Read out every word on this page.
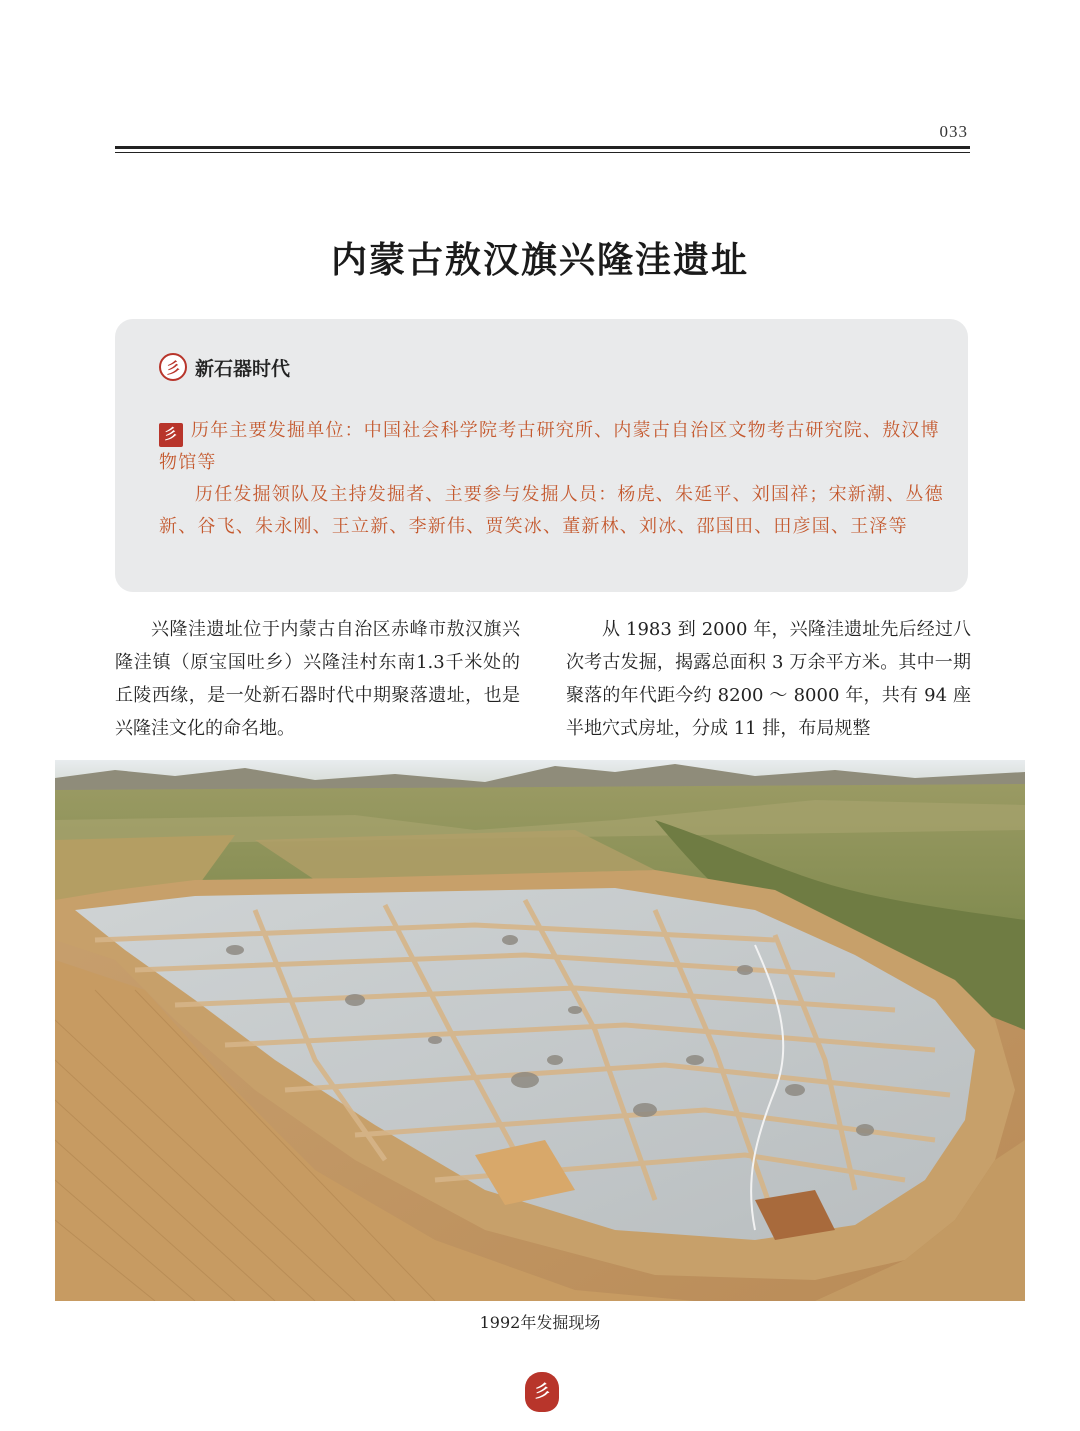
033
内蒙古敖汉旗兴隆洼遗址
彡 新石器时代

彡 历年主要发掘单位：中国社会科学院考古研究所、内蒙古自治区文物考古研究院、敖汉博物馆等

历任发掘领队及主持发掘者、主要参与发掘人员：杨虎、朱延平、刘国祥；宋新潮、丛德新、谷飞、朱永刚、王立新、李新伟、贾笑冰、董新林、刘冰、邵国田、田彦国、王泽等

兴隆洼遗址位于内蒙古自治区赤峰市敖汉旗兴隆洼镇（原宝国吐乡）兴隆洼村东南1.3千米处的丘陵西缘，是一处新石器时代中期聚落遗址，也是兴隆洼文化的命名地。

从 1983 到 2000 年，兴隆洼遗址先后经过八次考古发掘，揭露总面积 3 万余平方米。其中一期聚落的年代距今约 8200 ～ 8000 年，共有 94 座半地穴式房址，分成 11 排，布局规整

1992年发掘现场
彡
